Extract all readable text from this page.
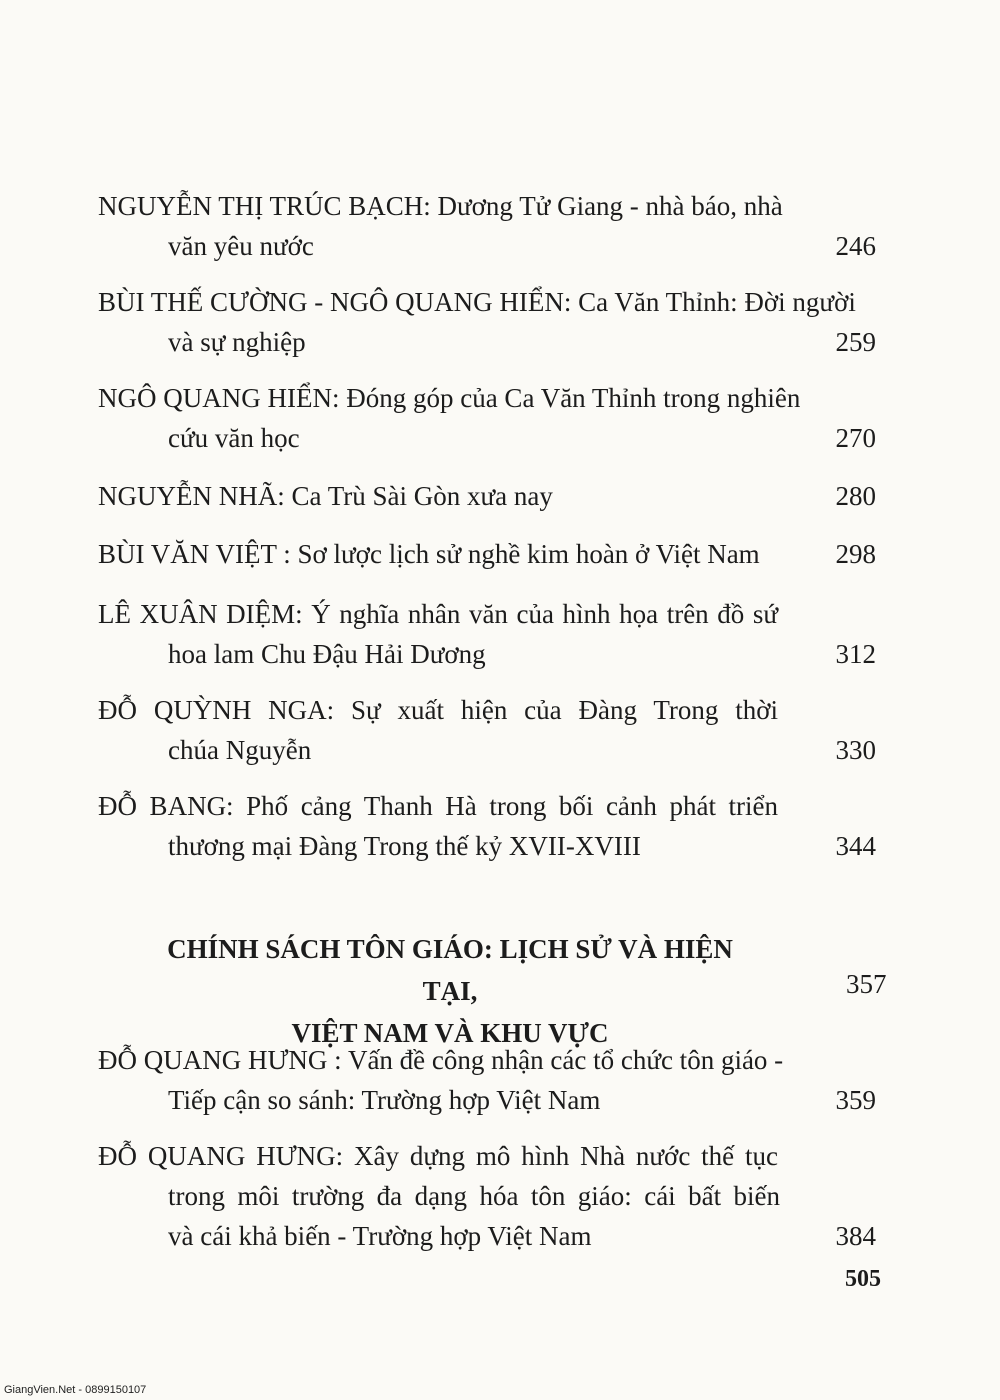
NGUYỄN THỊ TRÚC BẠCH: Dương Tử Giang - nhà báo, nhà
văn yêu nước	246
BÙI THẾ CƯỜNG - NGÔ QUANG HIỂN: Ca Văn Thỉnh: Đời người
và sự nghiệp	259
NGÔ QUANG HIỂN: Đóng góp của Ca Văn Thỉnh trong nghiên
cứu văn học	270
NGUYỄN NHÃ: Ca Trù Sài Gòn xưa nay	280
BÙI VĂN VIỆT : Sơ lược lịch sử nghề kim hoàn ở Việt Nam	298
LÊ XUÂN DIỆM: Ý nghĩa nhân văn của hình họa trên đồ sứ
hoa lam Chu Đậu Hải Dương	312
ĐỖ QUỲNH NGA: Sự xuất hiện của Đàng Trong thời
chúa Nguyễn	330
ĐỖ BANG: Phố cảng Thanh Hà trong bối cảnh phát triển
thương mại Đàng Trong thế kỷ XVII-XVIII	344
CHÍNH SÁCH TÔN GIÁO: LỊCH SỬ VÀ HIỆN TẠI,
VIỆT NAM VÀ KHU VỰC
357
ĐỖ QUANG HƯNG : Vấn đề công nhận các tổ chức tôn giáo -
Tiếp cận so sánh: Trường hợp Việt Nam	359
ĐỖ QUANG HƯNG: Xây dựng mô hình Nhà nước thế tục
trong môi trường đa dạng hóa tôn giáo: cái bất biến
và cái khả biến - Trường hợp Việt Nam	384
505
GiangVien.Net - 0899150107
